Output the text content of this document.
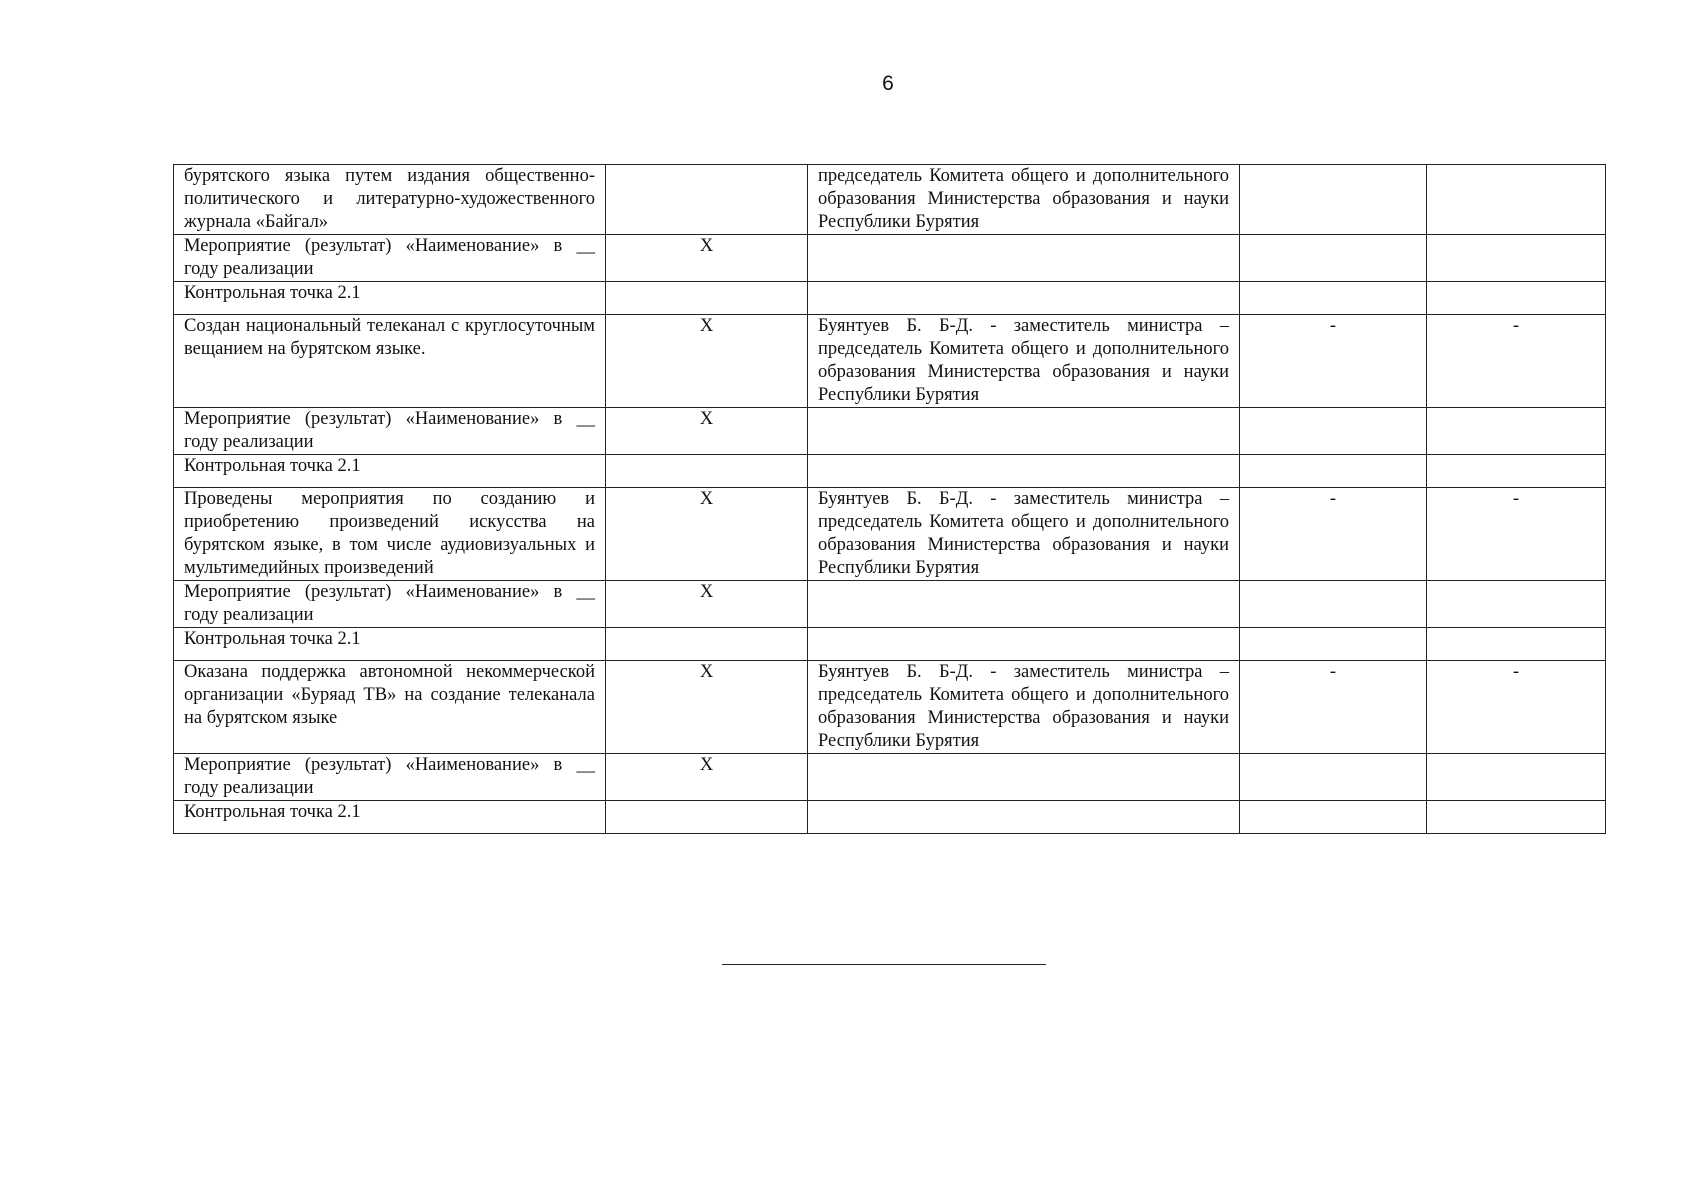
6
бурятского языка путем издания общественно-политического и литературно-художественного журнала «Байгал»		председатель Комитета общего и дополнительного образования Министерства образования и науки Республики Бурятия		
Мероприятие (результат) «Наименование» в __ году реализации	Х			
Контрольная точка 2.1				
Создан национальный телеканал с круглосуточным вещанием на бурятском языке.	Х	Буянтуев Б. Б-Д. - заместитель министра – председатель Комитета общего и дополнительного образования Министерства образования и науки Республики Бурятия	-	-
Мероприятие (результат) «Наименование» в __ году реализации	Х			
Контрольная точка 2.1				
Проведены мероприятия по созданию и приобретению произведений искусства на бурятском языке, в том числе аудиовизуальных и мультимедийных произведений	Х	Буянтуев Б. Б-Д. - заместитель министра – председатель Комитета общего и дополнительного образования Министерства образования и науки Республики Бурятия	-	-
Мероприятие (результат) «Наименование» в __ году реализации	Х			
Контрольная точка 2.1				
Оказана поддержка автономной некоммерческой организации «Буряад ТВ» на создание телеканала на бурятском языке	Х	Буянтуев Б. Б-Д. - заместитель министра – председатель Комитета общего и дополнительного образования Министерства образования и науки Республики Бурятия	-	-
Мероприятие (результат) «Наименование» в __ году реализации	Х			
Контрольная точка 2.1				
